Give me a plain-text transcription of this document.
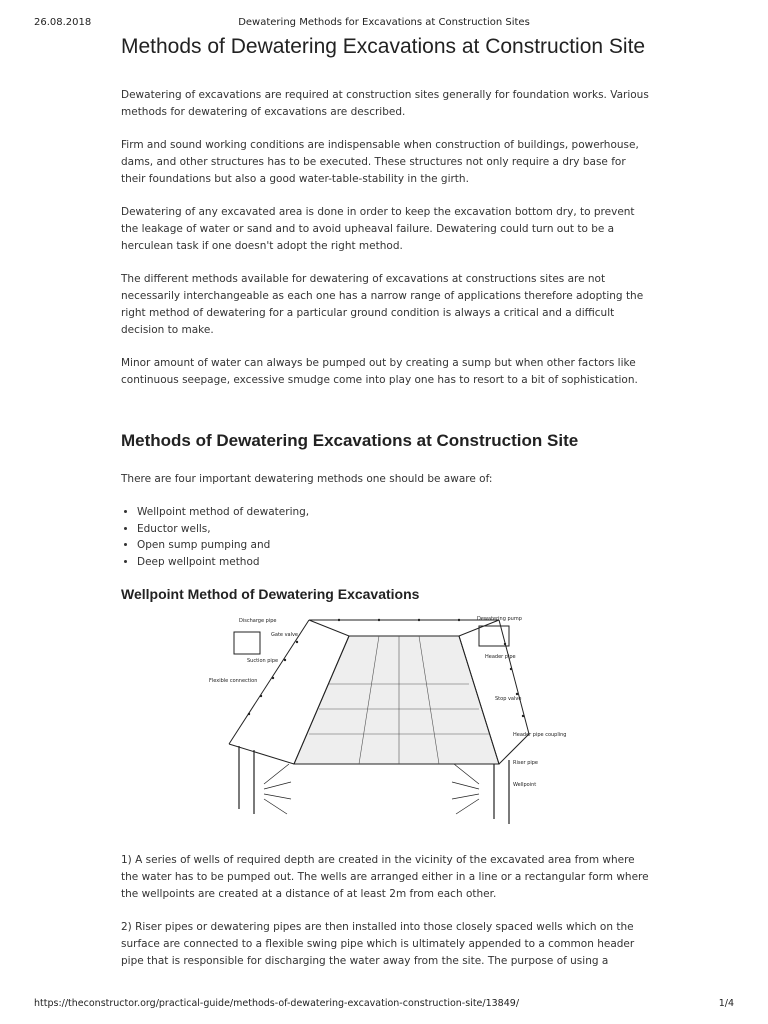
26.08.2018	Dewatering Methods for Excavations at Construction Sites
Methods of Dewatering Excavations at Construction Site

Dewatering of excavations are required at construction sites generally for foundation works. Various methods for dewatering of excavations are described.

Firm and sound working conditions are indispensable when construction of buildings, powerhouse, dams, and other structures has to be executed. These structures not only require a dry base for their foundations but also a good water-table-stability in the girth.

Dewatering of any excavated area is done in order to keep the excavation bottom dry, to prevent the leakage of water or sand and to avoid upheaval failure. Dewatering could turn out to be a herculean task if one doesn't adopt the right method.

The different methods available for dewatering of excavations at constructions sites are not necessarily interchangeable as each one has a narrow range of applications therefore adopting the right method of dewatering for a particular ground condition is always a critical and a difficult decision to make.

Minor amount of water can always be pumped out by creating a sump but when other factors like continuous seepage, excessive smudge come into play one has to resort to a bit of sophistication.

Methods of Dewatering Excavations at Construction Site

There are four important dewatering methods one should be aware of:

• Wellpoint method of dewatering,
• Eductor wells,
• Open sump pumping and
• Deep wellpoint method
Wellpoint Method of Dewatering Excavations
Discharge pipe
Gate valve
Suction pipe
Flexible connection
Dewatering pump
Header pipe
Stop valve
Header pipe coupling
Riser pipe
Wellpoint

1) A series of wells of required depth are created in the vicinity of the excavated area from where the water has to be pumped out. The wells are arranged either in a line or a rectangular form where the wellpoints are created at a distance of at least 2m from each other.

2) Riser pipes or dewatering pipes are then installed into those closely spaced wells which on the surface are connected to a flexible swing pipe which is ultimately appended to a common header pipe that is responsible for discharging the water away from the site. The purpose of using a

https://theconstructor.org/practical-guide/methods-of-dewatering-excavation-construction-site/13849/	1/4
